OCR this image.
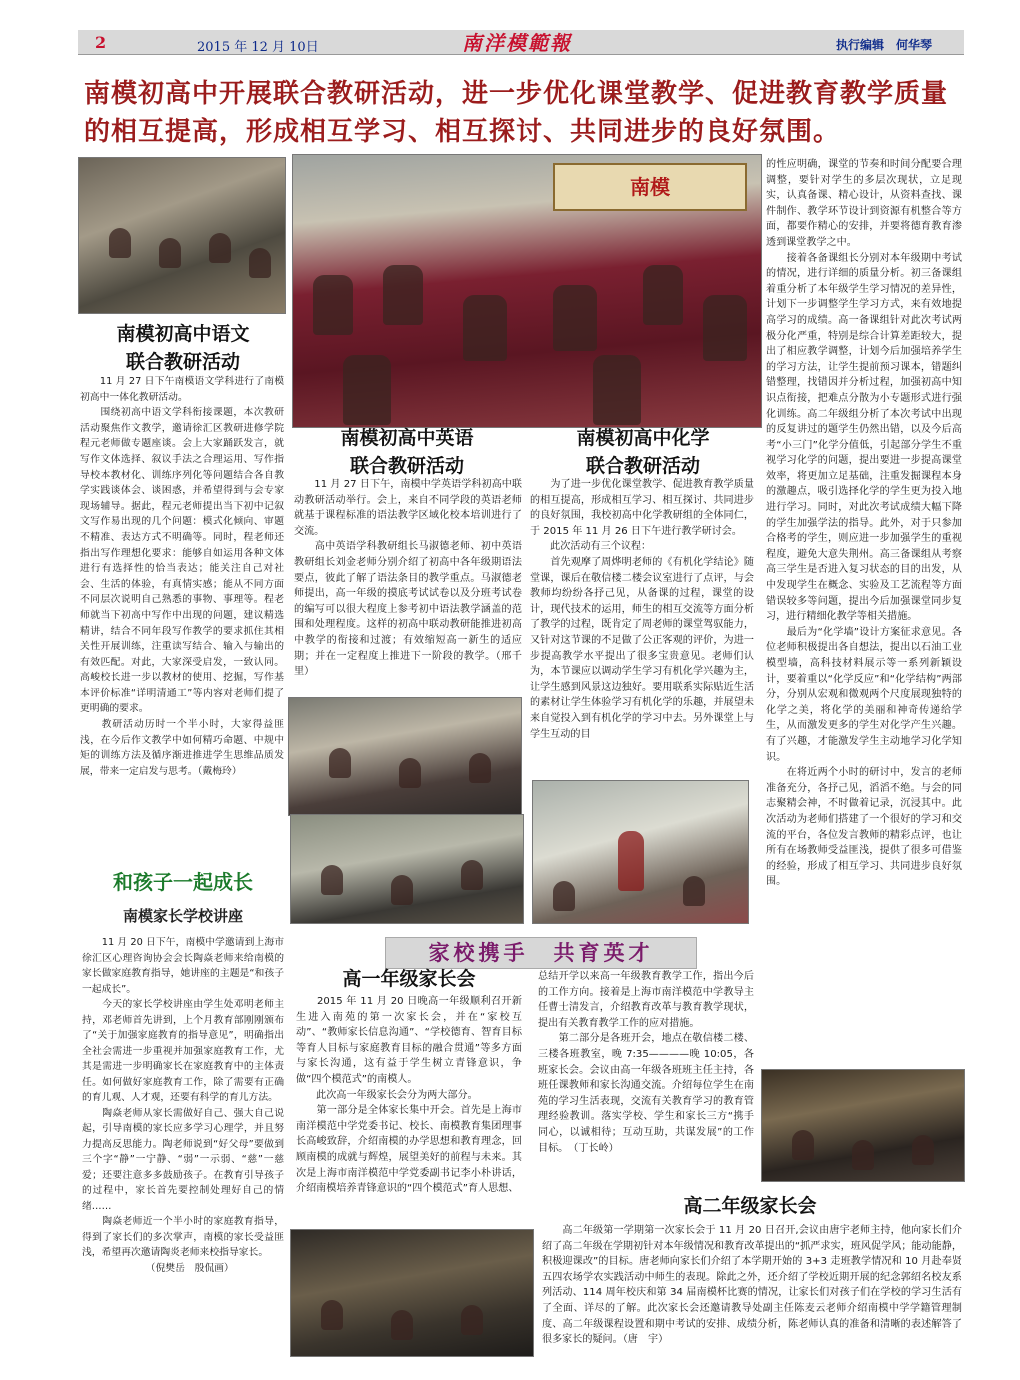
2	2015 年 12 月 10日	南洋模範報	执行编辑　何华琴
南模初高中开展联合教研活动，进一步优化课堂教学、促进教育教学质量的相互提高，形成相互学习、相互探讨、共同进步的良好氛围。
南模
南模初高中语文
联合教研活动
　　11 月 27 日下午南模语文学科进行了南模初高中一体化教研活动。
　　围绕初高中语文学科衔接课题，本次教研活动聚焦作文教学，邀请徐汇区教研进修学院程元老师做专题座谈。会上大家踊跃发言，就写作文体选择、叙议手法之合理运用、写作指导校本教材化、训练序列化等问题结合各自教学实践谈体会、谈困惑，并希望得到与会专家现场辅导。据此，程元老师提出当下初中记叙文写作易出现的几个问题：模式化倾向、审题不精准、表达方式不明确等。同时，程老师还指出写作理想化要求：能够自如运用各种文体进行有选择性的恰当表达；能关注自己对社会、生活的体验，有真情实感；能从不同方面不同层次说明自己熟悉的事物、事理等。程老师就当下初高中写作中出现的问题，建议精选精讲，结合不同年段写作教学的要求抓住其相关性开展训练，注重读写结合、输入与输出的有效匹配。对此，大家深受启发，一致认同。高峻校长进一步以教材的使用、挖掘，写作基本评价标准“详明清通工”等内容对老师们提了更明确的要求。
　　教研活动历时一个半小时，大家得益匪浅，在今后作文教学中如何精巧命题、中规中矩的训练方法及循序渐进推进学生思维品质发展，带来一定启发与思考。（戴梅玲）
南模初高中英语
联合教研活动
　　11 月 27 日下午，南模中学英语学科初高中联动教研活动举行。会上，来自不同学段的英语老师就基于课程标准的语法教学区域化校本培训进行了交流。
　　高中英语学科教研组长马淑德老师、初中英语教研组长刘金老师分别介绍了初高中各年级期语法要点，彼此了解了语法条目的教学重点。马淑德老师提出，高一年级的摸底考试试卷以及分班考试卷的编写可以很大程度上参考初中语法教学涵盖的范围和处理程度。这样的初高中联动教研能推进初高中教学的衔接和过渡；有效缩短高一新生的适应期；并在一定程度上推进下一阶段的教学。（邢千里）
南模初高中化学
联合教研活动
　　为了进一步优化课堂教学、促进教育教学质量的相互提高，形成相互学习、相互探讨、共同进步的良好氛围，我校初高中化学教研组的全体同仁，于 2015 年 11 月 26 日下午进行教学研讨会。
　　此次活动有三个议程：
　　首先观摩了周烨明老师的《有机化学结论》随堂课，课后在敬信楼二楼会议室进行了点评，与会教师均纷纷各抒己见，从备课的过程，课堂的设计，现代技术的运用，师生的相互交流等方面分析了教学的过程，既肯定了周老师的课堂驾驭能力，又针对这节课的不足做了公正客观的评价，为进一步提高教学水平提出了很多宝贵意见。老师们认为，本节课应以调动学生学习有机化学兴趣为主，让学生感到风景这边独好。要用联系实际贴近生活的素材让学生体验学习有机化学的乐趣，并展望未来自觉投入到有机化学的学习中去。另外课堂上与学生互动的目
的性应明确，课堂的节奏和时间分配要合理调整，要针对学生的多层次现状，立足现实，认真备课、精心设计，从资料查找、课件制作、教学环节设计到资源有机整合等方面，都要作精心的安排，并要将德育教育渗透到课堂教学之中。
　　接着各备课组长分别对本年级期中考试的情况，进行详细的质量分析。初三备课组着重分析了本年级学生学习情况的差异性，计划下一步调整学生学习方式，来有效地提高学习的成绩。高一备课组针对此次考试两极分化严重，特别是综合计算差距较大，提出了相应教学调整，计划今后加强培养学生的学习方法，让学生提前预习课本，错题纠错整理，找错因并分析过程，加强初高中知识点衔接，把难点分散为小专题形式进行强化训练。高二年级组分析了本次考试中出现的反复讲过的题学生仍然出错，以及今后高考“小三门”化学分值低，引起部分学生不重视学习化学的问题，提出要进一步提高课堂效率，将更加立足基础，注重发掘课程本身的激趣点，吸引选择化学的学生更为投入地进行学习。同时，对此次考试成绩大幅下降的学生加强学法的指导。此外，对于只参加合格考的学生，则应进一步加强学生的重视程度，避免大意失荆州。高三备课组从考察高三学生是否进入复习状态的目的出发，从中发现学生在概念、实验及工艺流程等方面错误较多等问题，提出今后加强课堂同步复习，进行精细化教学等相关措施。
　　最后为“化学墙”设计方案征求意见。各位老师积极提出各自想法，提出以石油工业模型墙，高科技材料展示等一系列新颖设计，要着重以“化学反应”和“化学结构”两部分，分别从宏观和微观两个尺度展现独特的化学之美，将化学的美丽和神奇传递给学生，从而激发更多的学生对化学产生兴趣。有了兴趣，才能激发学生主动地学习化学知识。
　　在将近两个小时的研讨中，发言的老师准备充分，各抒己见，滔滔不绝。与会的同志聚精会神，不时做着记录，沉浸其中。此次活动为老师们搭建了一个很好的学习和交流的平台，各位发言教师的精彩点评，也让所有在场教师受益匪浅，提供了很多可借鉴的经验，形成了相互学习、共同进步良好氛围。
和孩子一起成长
南模家长学校讲座
　　11 月 20 日下午，南模中学邀请到上海市徐汇区心理咨询协会会长陶焱老师来给南模的家长做家庭教育指导，她讲座的主题是“和孩子一起成长”。
　　今天的家长学校讲座由学生处邓明老师主持，邓老师首先讲到，上个月教育部刚刚颁布了“关于加强家庭教育的指导意见”，明确指出全社会需进一步重视并加强家庭教育工作，尤其是需进一步明确家长在家庭教育中的主体责任。如何做好家庭教育工作，除了需要有正确的育儿观、人才观，还要有科学的育儿方法。
　　陶焱老师从家长需做好自己、强大自己说起，引导南模的家长应多学习心理学，并且努力提高反思能力。陶老师说到“好父母”要做到三个字“静”一宁静、“弱”一示弱、“慈”一慈爱；还要注意多多鼓励孩子。在教育引导孩子的过程中，家长首先要控制处理好自己的情绪……
　　陶焱老师近一个半小时的家庭教育指导，得到了家长们的多次掌声，南模的家长受益匪浅，希望再次邀请陶炎老师来校指导家长。
　　　　　　　（倪樊岳　殷侃画）
家校携手　共育英才
高一年级家长会
　　2015 年 11 月 20 日晚高一年级顺利召开新生进入南苑的第一次家长会，并在“家校互动”、“教师家长信息沟通”、“学校德育、智育目标等育人目标与家庭教育目标的融合贯通”等多方面与家长沟通，这有益于学生树立青锋意识，争做“四个模范式”的南模人。
　　此次高一年级家长会分为两大部分。
　　第一部分是全体家长集中开会。首先是上海市南洋模范中学党委书记、校长、南模教育集团理事长高峻致辞，介绍南模的办学思想和教育理念，回顾南模的成就与辉煌，展望美好的前程与未来。其次是上海市南洋模范中学党委副书记李小朴讲话，介绍南模培养青锋意识的“四个模范式”育人思想、
总结开学以来高一年级教育教学工作，指出今后的工作方向。接着是上海市南洋模范中学教导主任曹士清发言，介绍教育改革与教育教学现状，提出有关教育教学工作的应对措施。
　　第二部分是各班开会，地点在敬信楼二楼、三楼各班教室，晚 7:35————晚 10:05，各班家长会。会议由高一年级各班班主任主持，各班任课教师和家长沟通交流。介绍每位学生在南苑的学习生活表现，交流有关教育学习的教育管理经验教训。落实学校、学生和家长三方“携手同心，以诚相待；互动互助，共谋发展”的工作目标。　（丁长岭）
高二年级家长会
　　高二年级第一学期第一次家长会于 11 月 20 日召开,会议由唐宇老师主持，他向家长们介绍了高二年级在学期初针对本年级情况和教育改革提出的“抓严求实，班风促学风；能动能静，积极迎课改”的目标。唐老师向家长们介绍了本学期开始的 3+3 走班教学情况和 10 月赴奉贤五四农场学农实践活动中师生的表现。除此之外，还介绍了学校近期开展的纪念郭绍名校友系列活动、114 周年校庆和第 34 届南模杯比赛的情况，让家长们对孩子们在学校的学习生活有了全面、详尽的了解。此次家长会还邀请教导处副主任陈麦云老师介绍南模中学学籍管理制度、高二年级课程设置和期中考试的安排、成绩分析，陈老师认真的准备和清晰的表述解答了很多家长的疑问。（唐　宇）
